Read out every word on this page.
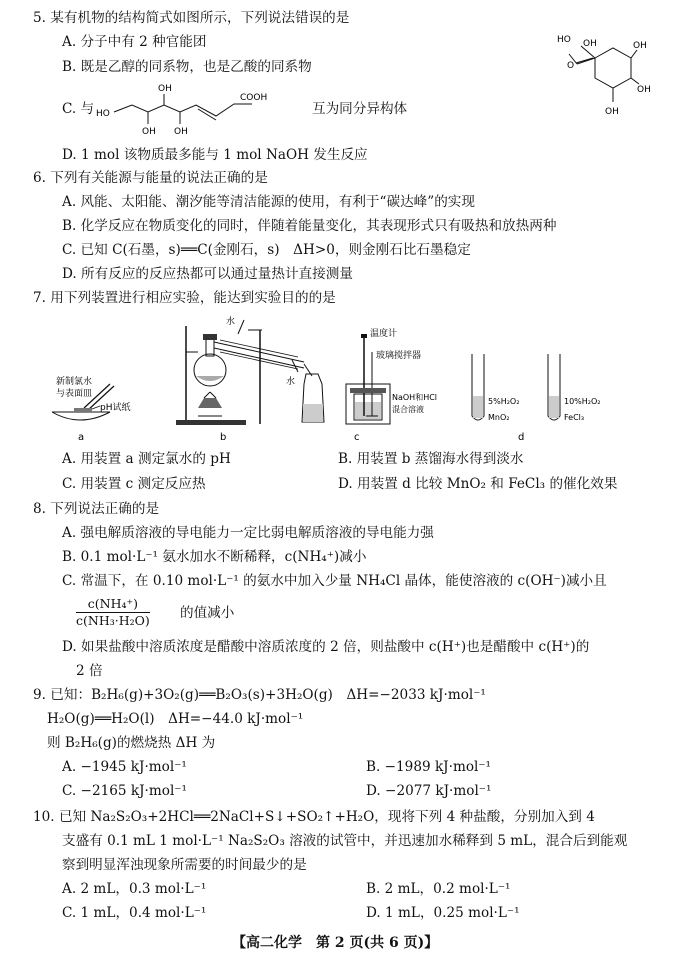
5. 某有机物的结构简式如图所示，下列说法错误的是
A. 分子中有 2 种官能团
B. 既是乙醇的同系物，也是乙酸的同系物
C. 与	互为同分异构体
D. 1 mol 该物质最多能与 1 mol NaOH 发生反应
HO
OH
OH
OH
COOH
HO OH	OH
OH
O
OH
6. 下列有关能源与能量的说法正确的是
A. 风能、太阳能、潮汐能等清洁能源的使用，有利于“碳达峰”的实现
B. 化学反应在物质变化的同时，伴随着能量变化，其表现形式只有吸热和放热两种
C. 已知 C(石墨，s)══C(金刚石，s)　ΔH>0，则金刚石比石墨稳定
D. 所有反应的反应热都可以通过量热计直接测量
7. 用下列装置进行相应实验，能达到实验目的的是
新制氯水
与表面皿
pH试纸
a
水
水
b
温度计
玻璃搅拌器
NaOH和HCl
混合溶液
c
5%H₂O₂
MnO₂
10%H₂O₂
FeCl₃
d
A. 用装置 a 测定氯水的 pH	B. 用装置 b 蒸馏海水得到淡水
C. 用装置 c 测定反应热	D. 用装置 d 比较 MnO₂ 和 FeCl₃ 的催化效果
8. 下列说法正确的是
A. 强电解质溶液的导电能力一定比弱电解质溶液的导电能力强
B. 0.1 mol·L⁻¹ 氨水加水不断稀释，c(NH₄⁺)减小
C. 常温下，在 0.10 mol·L⁻¹ 的氨水中加入少量 NH₄Cl 晶体，能使溶液的 c(OH⁻)减小且
$\frac{\text{c(NH₄⁺)}}{\text{c(NH₃·H₂O)}}$ 的值减小
D. 如果盐酸中溶质浓度是醋酸中溶质浓度的 2 倍，则盐酸中 c(H⁺)也是醋酸中 c(H⁺)的
2 倍
9. 已知：B₂H₆(g)+3O₂(g)══B₂O₃(s)+3H₂O(g)　ΔH=−2033 kJ·mol⁻¹
H₂O(g)══H₂O(l)　ΔH=−44.0 kJ·mol⁻¹
则 B₂H₆(g)的燃烧热 ΔH 为
A. −1945 kJ·mol⁻¹	B. −1989 kJ·mol⁻¹
C. −2165 kJ·mol⁻¹	D. −2077 kJ·mol⁻¹
10. 已知 Na₂S₂O₃+2HCl══2NaCl+S↓+SO₂↑+H₂O，现将下列 4 种盐酸，分别加入到 4
支盛有 0.1 mL 1 mol·L⁻¹ Na₂S₂O₃ 溶液的试管中，并迅速加水稀释到 5 mL，混合后到能观
察到明显浑浊现象所需要的时间最少的是
A. 2 mL，0.3 mol·L⁻¹	B. 2 mL，0.2 mol·L⁻¹
C. 1 mL，0.4 mol·L⁻¹	D. 1 mL，0.25 mol·L⁻¹
【高二化学　第 2 页(共 6 页)】
